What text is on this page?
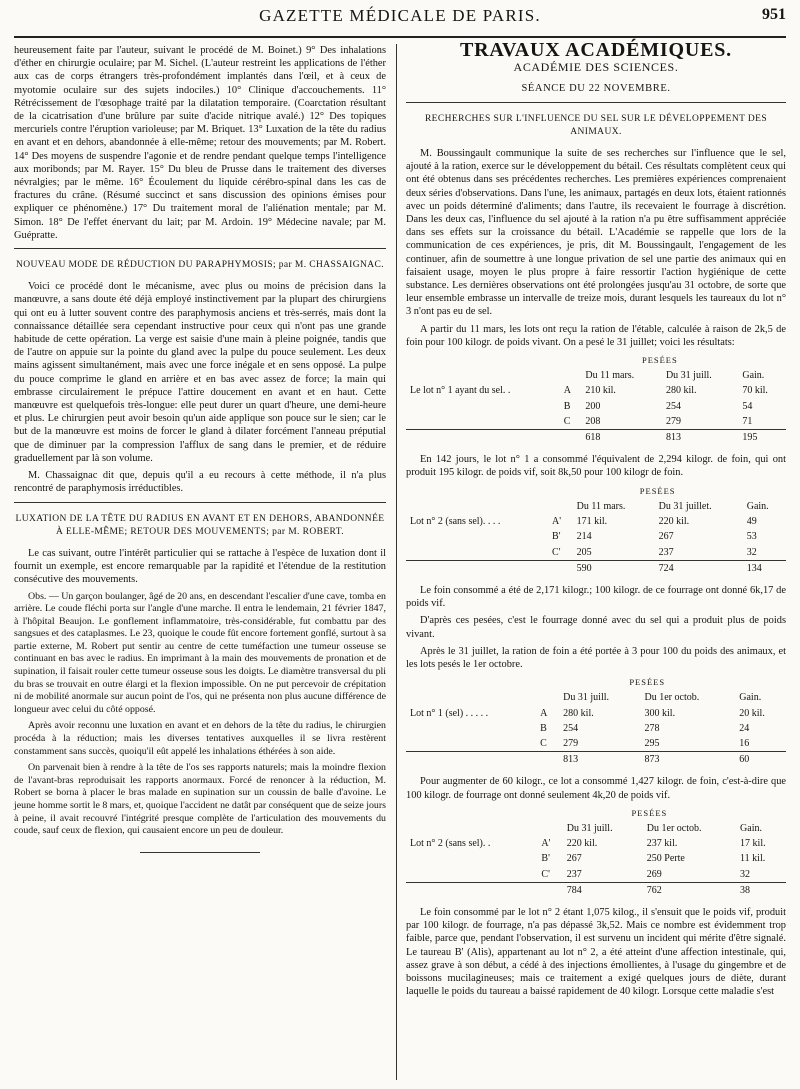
GAZETTE MÉDICALE DE PARIS.	951

heureusement faite par l'auteur, suivant le procédé de M. Boinet.) 9° Des inhalations d'éther en chirurgie oculaire; par M. Sichel. (L'auteur restreint les applications de l'éther aux cas de corps étrangers très-profondément implantés dans l'œil, et à ceux de myotomie oculaire sur des sujets indociles.) 10° Clinique d'accouchements. 11° Rétrécissement de l'œsophage traité par la dilatation temporaire. (Coarctation résultant de la cicatrisation d'une brûlure par suite d'acide nitrique avalé.) 12° Des topiques mercuriels contre l'éruption varioleuse; par M. Briquet. 13° Luxation de la tête du radius en avant et en dehors, abandonnée à elle-même; retour des mouvements; par M. Robert. 14° Des moyens de suspendre l'agonie et de rendre pendant quelque temps l'intelligence aux moribonds; par M. Rayer. 15° Du bleu de Prusse dans le traitement des diverses névralgies; par le même. 16° Écoulement du liquide cérébro-spinal dans les cas de fractures du crâne. (Résumé succinct et sans discussion des opinions émises pour expliquer ce phénomène.) 17° Du traitement moral de l'aliénation mentale; par M. Simon. 18° De l'effet énervant du lait; par M. Ardoin. 19° Médecine navale; par M. Guépratte.

NOUVEAU MODE DE RÉDUCTION DU PARAPHYMOSIS; par M. CHASSAIGNAC.

Voici ce procédé dont le mécanisme, avec plus ou moins de précision dans la manœuvre, a sans doute été déjà employé instinctivement par la plupart des chirurgiens qui ont eu à lutter souvent contre des paraphymosis anciens et très-serrés, mais dont la connaissance détaillée sera cependant instructive pour ceux qui n'ont pas une grande habitude de cette opération. La verge est saisie d'une main à pleine poignée, tandis que de l'autre on appuie sur la pointe du gland avec la pulpe du pouce seulement. Les deux mains agissent simultanément, mais avec une force inégale et en sens opposé. La pulpe du pouce comprime le gland en arrière et en bas avec assez de force; la main qui embrasse circulairement le prépuce l'attire doucement en avant et en haut. Cette manœuvre est quelquefois très-longue: elle peut durer un quart d'heure, une demi-heure et plus. Le chirurgien peut avoir besoin qu'un aide applique son pouce sur le sien; car le but de la manœuvre est moins de forcer le gland à dilater forcément l'anneau préputial que de diminuer par la compression l'afflux de sang dans le premier, et de réduire graduellement par là son volume.

M. Chassaignac dit que, depuis qu'il a eu recours à cette méthode, il n'a plus rencontré de paraphymosis irréductibles.

LUXATION DE LA TÊTE DU RADIUS EN AVANT ET EN DEHORS, ABANDONNÉE À ELLE-MÊME; RETOUR DES MOUVEMENTS; par M. ROBERT.

Le cas suivant, outre l'intérêt particulier qui se rattache à l'espèce de luxation dont il fournit un exemple, est encore remarquable par la rapidité et l'étendue de la restitution consécutive des mouvements.

Obs. — Un garçon boulanger, âgé de 20 ans, en descendant l'escalier d'une cave, tomba en arrière. Le coude fléchi porta sur l'angle d'une marche. Il entra le lendemain, 21 février 1847, à l'hôpital Beaujon. Le gonflement inflammatoire, très-considérable, fut combattu par des sangsues et des cataplasmes. Le 23, quoique le coude fût encore fortement gonflé, surtout à sa partie externe, M. Robert put sentir au centre de cette tuméfaction une tumeur osseuse se continuant en bas avec le radius. En imprimant à la main des mouvements de pronation et de supination, il faisait rouler cette tumeur osseuse sous les doigts. Le diamètre transversal du pli du bras se trouvait en outre élargi et la flexion impossible. On ne put percevoir de crépitation ni de mobilité anormale sur aucun point de l'os, qui ne présenta non plus aucune différence de longueur avec celui du côté opposé.

Après avoir reconnu une luxation en avant et en dehors de la tête du radius, le chirurgien procéda à la réduction; mais les diverses tentatives auxquelles il se livra restèrent constamment sans succès, quoiqu'il eût appelé les inhalations éthérées à son aide.

On parvenait bien à rendre à la tête de l'os ses rapports naturels; mais la moindre flexion de l'avant-bras reproduisait les rapports anormaux. Forcé de renoncer à la réduction, M. Robert se borna à placer le bras malade en supination sur un coussin de balle d'avoine. Le jeune homme sortit le 8 mars, et, quoique l'accident ne datât par conséquent que de seize jours à peine, il avait recouvré l'intégrité presque complète de l'articulation des mouvements du coude, sauf ceux de flexion, qui causaient encore un peu de douleur.

TRAVAUX ACADÉMIQUES.
ACADÉMIE DES SCIENCES.
SÉANCE DU 22 NOVEMBRE.
RECHERCHES SUR L'INFLUENCE DU SEL SUR LE DÉVELOPPEMENT DES ANIMAUX.

M. Boussingault communique la suite de ses recherches sur l'influence que le sel, ajouté à la ration, exerce sur le développement du bétail. Ces résultats complètent ceux qui ont été obtenus dans ses précédentes recherches. Les premières expériences comprenaient deux séries d'observations. Dans l'une, les animaux, partagés en deux lots, étaient rationnés avec un poids déterminé d'aliments; dans l'autre, ils recevaient le fourrage à discrétion. Dans les deux cas, l'influence du sel ajouté à la ration n'a pu être suffisamment appréciée dans ses effets sur la croissance du bétail. L'Académie se rappelle que lors de la communication de ces expériences, je pris, dit M. Boussingault, l'engagement de les continuer, afin de soumettre à une longue privation de sel une partie des animaux qui en faisaient usage, moyen le plus propre à faire ressortir l'action hygiénique de cette substance. Les dernières observations ont été prolongées jusqu'au 31 octobre, de sorte que leur ensemble embrasse un intervalle de treize mois, durant lesquels les taureaux du lot n° 3 n'ont pas eu de sel.

A partir du 11 mars, les lots ont reçu la ration de l'étable, calculée à raison de 2k,5 de foin pour 100 kilogr. de poids vivant. On a pesé le 31 juillet; voici les résultats:

		PESÉES		
		Du 11 mars.	Du 31 juill.	Gain.
Le lot n° 1 ayant du sel. .	A	210 kil.	280 kil.	70 kil.
	B	200	254	54
	C	208	279	71
		618	813	195

En 142 jours, le lot n° 1 a consommé l'équivalent de 2,294 kilogr. de foin, qui ont produit 195 kilogr. de poids vif, soit 8k,50 pour 100 kilogr de foin.

		PESÉES		
		Du 11 mars.	Du 31 juillet.	Gain.
Lot n° 2 (sans sel). . . .	A'	171 kil.	220 kil.	49
	B'	214	267	53
	C'	205	237	32
		590	724	134

Le foin consommé a été de 2,171 kilogr.; 100 kilogr. de ce fourrage ont donné 6k,17 de poids vif.

D'après ces pesées, c'est le fourrage donné avec du sel qui a produit plus de poids vivant.

Après le 31 juillet, la ration de foin a été portée à 3 pour 100 du poids des animaux, et les lots pesés le 1er octobre.

		PESÉES		
		Du 31 juill.	Du 1er octob.	Gain.
Lot n° 1 (sel) . . . . .	A	280 kil.	300 kil.	20 kil.
	B	254	278	24
	C	279	295	16
		813	873	60

Pour augmenter de 60 kilogr., ce lot a consommé 1,427 kilogr. de foin, c'est-à-dire que 100 kilogr. de fourrage ont donné seulement 4k,20 de poids vif.

		PESÉES		
		Du 31 juill.	Du 1er octob.	Gain.
Lot n° 2 (sans sel). .	A'	220 kil.	237 kil.	17 kil.
	B'	267	250 Perte	11 kil.
	C'	237	269	32
		784	762	38

Le foin consommé par le lot n° 2 étant 1,075 kilog., il s'ensuit que le poids vif, produit par 100 kilogr. de fourrage, n'a pas dépassé 3k,52. Mais ce nombre est évidemment trop faible, parce que, pendant l'observation, il est survenu un incident qui mérite d'être signalé. Le taureau B' (Alis), appartenant au lot n° 2, a été atteint d'une affection intestinale, qui, assez grave à son début, a cédé à des injections émollientes, à l'usage du gingembre et de boissons mucilagineuses; mais ce traitement a exigé quelques jours de diète, durant laquelle le poids du taureau a baissé rapidement de 40 kilogr. Lorsque cette maladie s'est
